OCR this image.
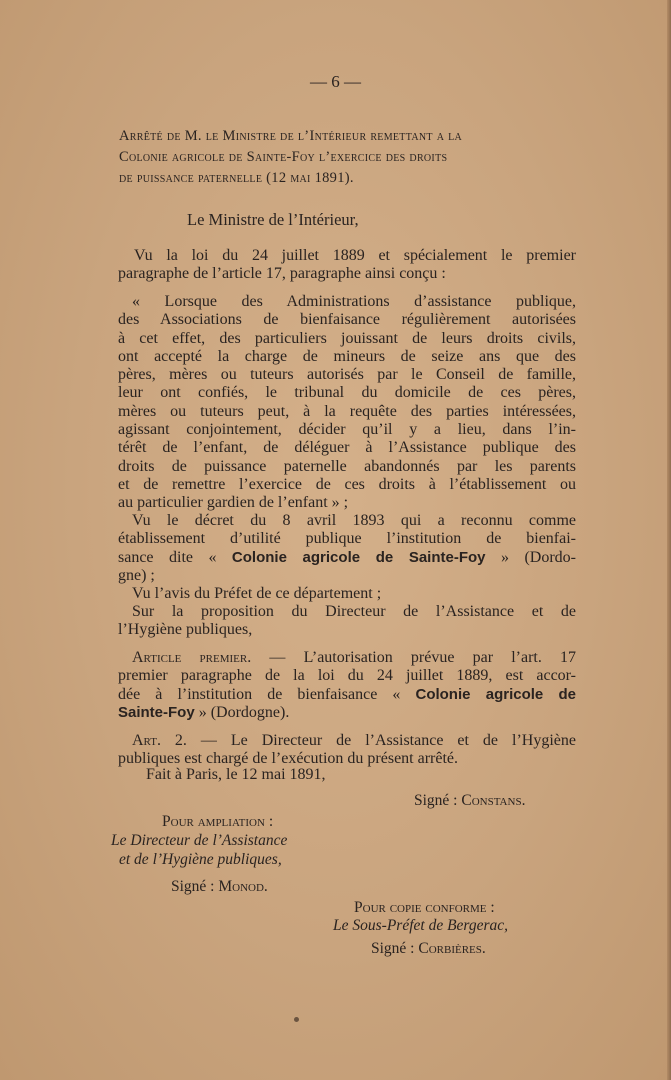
— 6 —
Arrêté de M. le Ministre de l’Intérieur remettant a la
Colonie agricole de Sainte-Foy l’exercice des droits
de puissance paternelle (12 mai 1891).
Le Ministre de l’Intérieur,
Vu la loi du 24 juillet 1889 et spécialement le premier
paragraphe de l’article 17, paragraphe ainsi conçu :
« Lorsque des Administrations d’assistance publique,
des Associations de bienfaisance régulièrement autorisées
à cet effet, des particuliers jouissant de leurs droits civils,
ont accepté la charge de mineurs de seize ans que des
pères, mères ou tuteurs autorisés par le Conseil de famille,
leur ont confiés, le tribunal du domicile de ces pères,
mères ou tuteurs peut, à la requête des parties intéressées,
agissant conjointement, décider qu’il y a lieu, dans l’in-
térêt de l’enfant, de déléguer à l’Assistance publique des
droits de puissance paternelle abandonnés par les parents
et de remettre l’exercice de ces droits à l’établissement ou
au particulier gardien de l’enfant » ;
Vu le décret du 8 avril 1893 qui a reconnu comme
établissement d’utilité publique l’institution de bienfai-
sance dite « Colonie agricole de Sainte-Foy » (Dordo-
gne) ;
Vu l’avis du Préfet de ce département ;
Sur la proposition du Directeur de l’Assistance et de
l’Hygiène publiques,
Article premier. — L’autorisation prévue par l’art. 17
premier paragraphe de la loi du 24 juillet 1889, est accor-
dée à l’institution de bienfaisance « Colonie agricole de
Sainte-Foy » (Dordogne).
Art. 2. — Le Directeur de l’Assistance et de l’Hygiène
publiques est chargé de l’exécution du présent arrêté.
Fait à Paris, le 12 mai 1891,
Signé : Constans.
Pour ampliation :
Le Directeur de l’Assistance
et de l’Hygiène publiques,
Signé : Monod.
Pour copie conforme :
Le Sous-Préfet de Bergerac,
Signé : Corbières.
